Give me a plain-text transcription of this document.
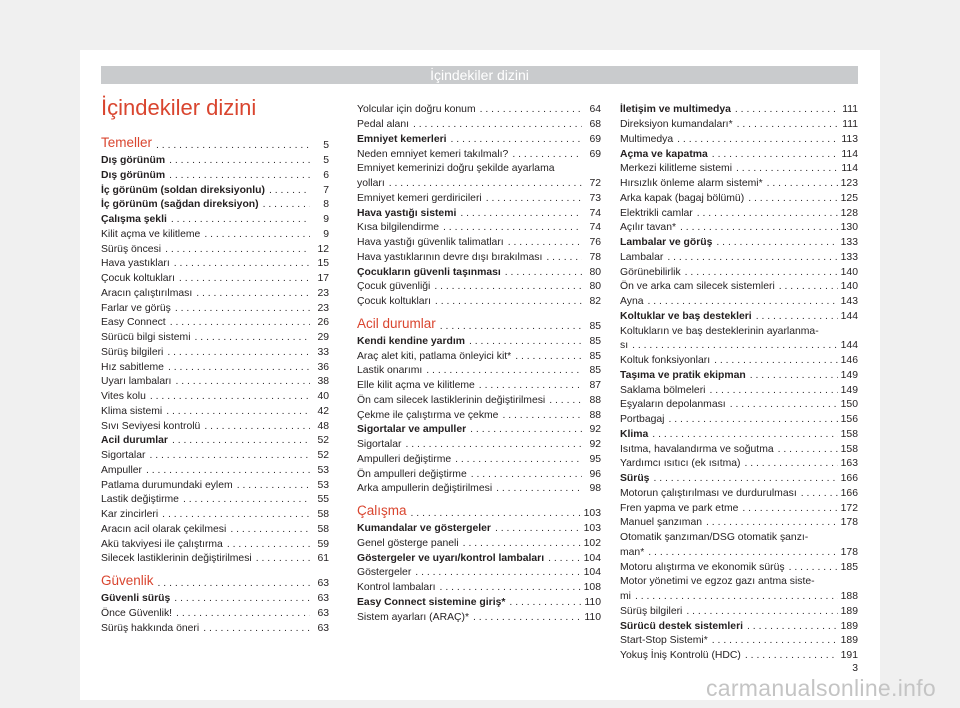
İçindekiler dizini
İçindekiler dizini
Temeller . . .	5
Dış görünüm . . .	5
Dış görünüm . . .	6
İç görünüm (soldan direksiyonlu) . . .	7
İç görünüm (sağdan direksiyon) . . .	8
Çalışma şekli . . .	9
Kilit açma ve kilitleme . . .	9
Sürüş öncesi . . .	12
Hava yastıkları . . .	15
Çocuk koltukları . . .	17
Aracın çalıştırılması . . .	23
Farlar ve görüş . . .	23
Easy Connect . . .	26
Sürücü bilgi sistemi . . .	29
Sürüş bilgileri . . .	33
Hız sabitleme . . .	36
Uyarı lambaları . . .	38
Vites kolu . . .	40
Klima sistemi . . .	42
Sıvı Seviyesi kontrolü . . .	48
Acil durumlar . . .	52
Sigortalar . . .	52
Ampuller . . .	53
Patlama durumundaki eylem . . .	53
Lastik değiştirme . . .	55
Kar zincirleri . . .	58
Aracın acil olarak çekilmesi . . .	58
Akü takviyesi ile çalıştırma . . .	59
Silecek lastiklerinin değiştirilmesi . . .	61
Güvenlik . . .	63
Güvenli sürüş . . .	63
Önce Güvenlik! . . .	63
Sürüş hakkında öneri . . .	63
Yolcular için doğru konum . . .	64
Pedal alanı . . .	68
Emniyet kemerleri . . .	69
Neden emniyet kemeri takılmalı? . . .	69
Emniyet kemerinizi doğru şekilde ayarlama
yolları . . .	72
Emniyet kemeri gerdiricileri . . .	73
Hava yastığı sistemi . . .	74
Kısa bilgilendirme . . .	74
Hava yastığı güvenlik talimatları . . .	76
Hava yastıklarının devre dışı bırakılması . . .	78
Çocukların güvenli taşınması . . .	80
Çocuk güvenliği . . .	80
Çocuk koltukları . . .	82
Acil durumlar . . .	85
Kendi kendine yardım . . .	85
Araç alet kiti, patlama önleyici kit* . . .	85
Lastik onarımı . . .	85
Elle kilit açma ve kilitleme . . .	87
Ön cam silecek lastiklerinin değiştirilmesi . . .	88
Çekme ile çalıştırma ve çekme . . .	88
Sigortalar ve ampuller . . .	92
Sigortalar . . .	92
Ampulleri değiştirme . . .	95
Ön ampulleri değiştirme . . .	96
Arka ampullerin değiştirilmesi . . .	98
Çalışma . . .	103
Kumandalar ve göstergeler . . .	103
Genel gösterge paneli . . .	102
Göstergeler ve uyarı/kontrol lambaları . . .	104
Göstergeler . . .	104
Kontrol lambaları . . .	108
Easy Connect sistemine giriş* . . .	110
Sistem ayarları (ARAÇ)* . . .	110
İletişim ve multimedya . . .	111
Direksiyon kumandaları* . . .	111
Multimedya . . .	113
Açma ve kapatma . . .	114
Merkezi kilitleme sistemi . . .	114
Hırsızlık önleme alarm sistemi* . . .	123
Arka kapak (bagaj bölümü) . . .	125
Elektrikli camlar . . .	128
Açılır tavan* . . .	130
Lambalar ve görüş . . .	133
Lambalar . . .	133
Görünebilirlik . . .	140
Ön ve arka cam silecek sistemleri . . .	140
Ayna . . .	143
Koltuklar ve baş destekleri . . .	144
Koltukların ve baş desteklerinin ayarlanma-
sı . . .	144
Koltuk fonksiyonları . . .	146
Taşıma ve pratik ekipman . . .	149
Saklama bölmeleri . . .	149
Eşyaların depolanması . . .	150
Portbagaj . . .	156
Klima . . .	158
Isıtma, havalandırma ve soğutma . . .	158
Yardımcı ısıtıcı (ek ısıtma) . . .	163
Sürüş . . .	166
Motorun çalıştırılması ve durdurulması . . .	166
Fren yapma ve park etme . . .	172
Manuel şanzıman . . .	178
Otomatik şanzıman/DSG otomatik şanzı-
man* . . .	178
Motoru alıştırma ve ekonomik sürüş . . .	185
Motor yönetimi ve egzoz gazı antma siste-
mi . . .	188
Sürüş bilgileri . . .	189
Sürücü destek sistemleri . . .	189
Start-Stop Sistemi* . . .	189
Yokuş İniş Kontrolü (HDC) . . .	191
3
carmanualsonline.info
